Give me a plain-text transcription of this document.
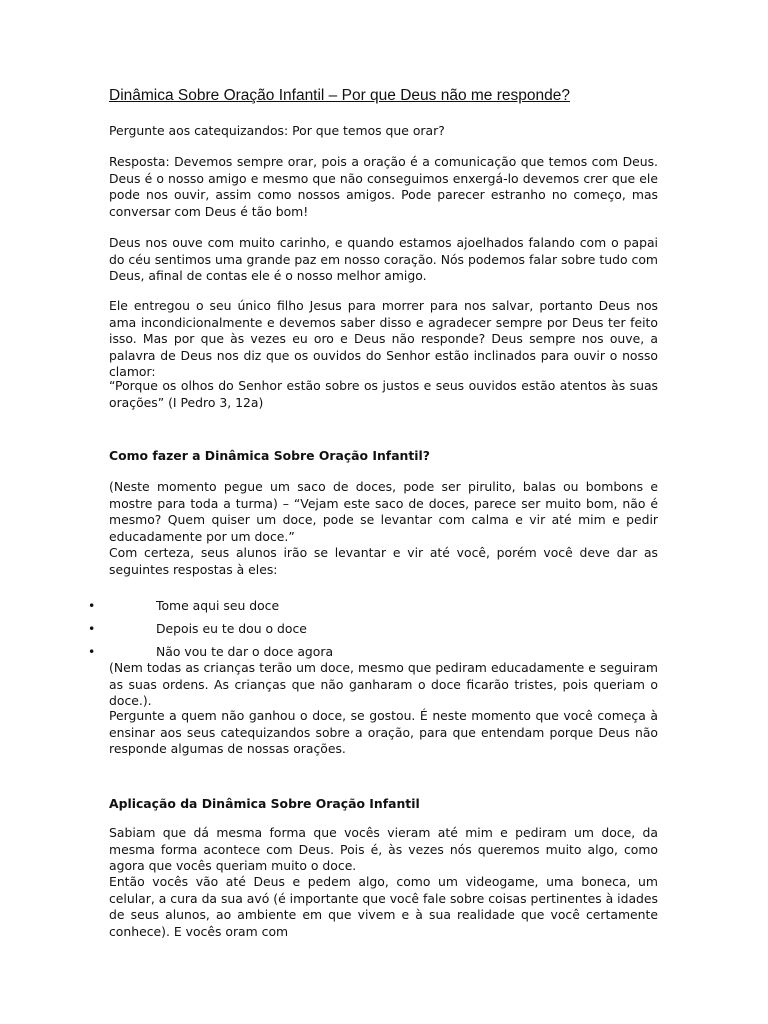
Dinâmica Sobre Oração Infantil – Por que Deus não me responde?

Pergunte aos catequizandos: Por que temos que orar?

Resposta: Devemos sempre orar, pois a oração é a comunicação que temos com Deus. Deus é o nosso amigo e mesmo que não conseguimos enxergá-lo devemos crer que ele pode nos ouvir, assim como nossos amigos. Pode parecer estranho no começo, mas conversar com Deus é tão bom!

Deus nos ouve com muito carinho, e quando estamos ajoelhados falando com o papai do céu sentimos uma grande paz em nosso coração. Nós podemos falar sobre tudo com Deus, afinal de contas ele é o nosso melhor amigo.

Ele entregou o seu único filho Jesus para morrer para nos salvar, portanto Deus nos ama incondicionalmente e devemos saber disso e agradecer sempre por Deus ter feito isso. Mas por que às vezes eu oro e Deus não responde? Deus sempre nos ouve, a palavra de Deus nos diz que os ouvidos do Senhor estão inclinados para ouvir o nosso clamor:

“Porque os olhos do Senhor estão sobre os justos e seus ouvidos estão atentos às suas orações” (I Pedro 3, 12a)

Como fazer a Dinâmica Sobre Oração Infantil?

(Neste momento pegue um saco de doces, pode ser pirulito, balas ou bombons e mostre para toda a turma) – “Vejam este saco de doces, parece ser muito bom, não é mesmo? Quem quiser um doce, pode se levantar com calma e vir até mim e pedir educadamente por um doce.”

Com certeza, seus alunos irão se levantar e vir até você, porém você deve dar as seguintes respostas à eles:

•	Tome aqui seu doce
•	Depois eu te dou o doce
•	Não vou te dar o doce agora

(Nem todas as crianças terão um doce, mesmo que pediram educadamente e seguiram as suas ordens. As crianças que não ganharam o doce ficarão tristes, pois queriam o doce.).

Pergunte a quem não ganhou o doce, se gostou. É neste momento que você começa à ensinar aos seus catequizandos sobre a oração, para que entendam porque Deus não responde algumas de nossas orações.

Aplicação da Dinâmica Sobre Oração Infantil

Sabiam que dá mesma forma que vocês vieram até mim e pediram um doce, da mesma forma acontece com Deus. Pois é, às vezes nós queremos muito algo, como agora que vocês queriam muito o doce.

Então vocês vão até Deus e pedem algo, como um videogame, uma boneca, um celular, a cura da sua avó (é importante que você fale sobre coisas pertinentes à idades de seus alunos, ao ambiente em que vivem e à sua realidade que você certamente conhece). E vocês oram com
